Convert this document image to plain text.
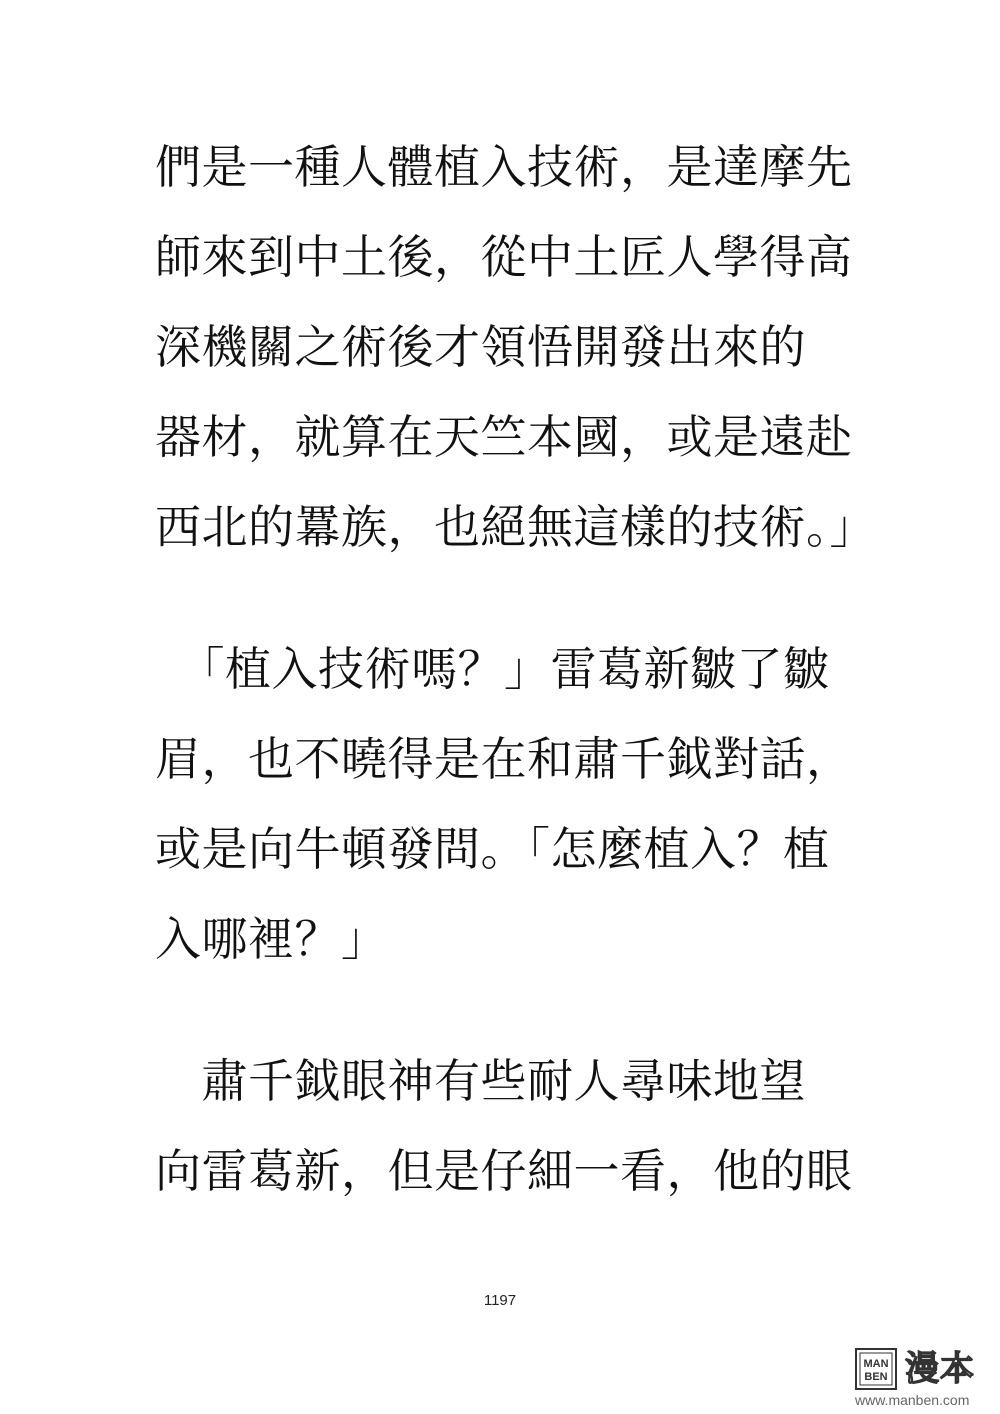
們是一種人體植入技術，是達摩先
師來到中土後，從中土匠人學得高
深機關之術後才領悟開發出來的
器材，就算在天竺本國，或是遠赴
西北的羃族，也絕無這樣的技術。」
　「植入技術嗎？」雷葛新皺了皺
眉，也不曉得是在和肅千鉞對話，
或是向牛頓發問。「怎麼植入？植
入哪裡？」
　肅千鉞眼神有些耐人尋味地望
向雷葛新，但是仔細一看，他的眼
1197
MAN
BEN 漫本
www.manben.com
